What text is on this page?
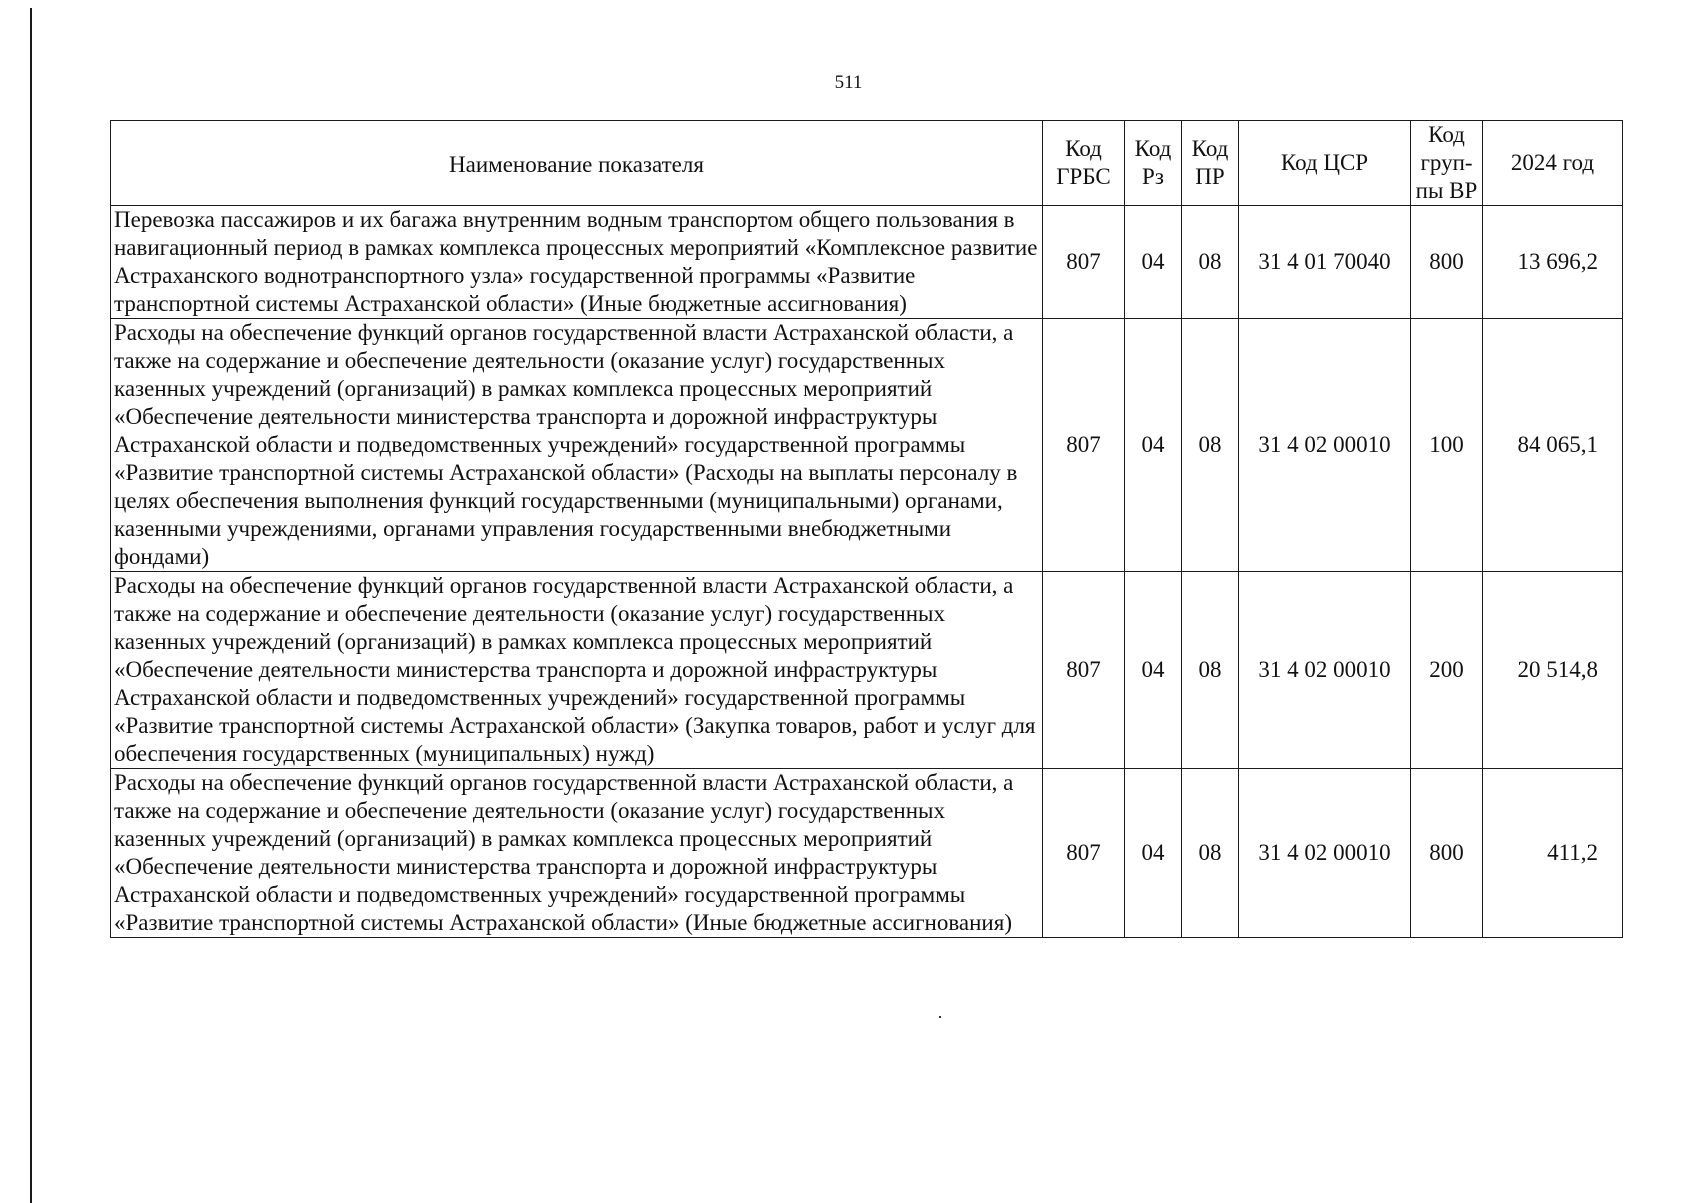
511
Наименование показателя	Код ГРБС	Код Рз	Код ПР	Код ЦСР	Код груп-пы ВР	2024 год
Перевозка пассажиров и их багажа внутренним водным транспортом общего пользования в навигационный период в рамках комплекса процессных мероприятий «Комплексное развитие Астраханского воднотранспортного узла» государственной программы «Развитие транспортной системы Астраханской области» (Иные бюджетные ассигнования)	807	04	08	31 4 01 70040	800	13 696,2
Расходы на обеспечение функций органов государственной власти Астраханской области, а также на содержание и обеспечение деятельности (оказание услуг) государственных казенных учреждений (организаций) в рамках комплекса процессных мероприятий «Обеспечение деятельности министерства транспорта и дорожной инфраструктуры Астраханской области и подведомственных учреждений» государственной программы «Развитие транспортной системы Астраханской области» (Расходы на выплаты персоналу в целях обеспечения выполнения функций государственными (муниципальными) органами, казенными учреждениями, органами управления государственными внебюджетными фондами)	807	04	08	31 4 02 00010	100	84 065,1
Расходы на обеспечение функций органов государственной власти Астраханской области, а также на содержание и обеспечение деятельности (оказание услуг) государственных казенных учреждений (организаций) в рамках комплекса процессных мероприятий «Обеспечение деятельности министерства транспорта и дорожной инфраструктуры Астраханской области и подведомственных учреждений» государственной программы «Развитие транспортной системы Астраханской области» (Закупка товаров, работ и услуг для обеспечения государственных (муниципальных) нужд)	807	04	08	31 4 02 00010	200	20 514,8
Расходы на обеспечение функций органов государственной власти Астраханской области, а также на содержание и обеспечение деятельности (оказание услуг) государственных казенных учреждений (организаций) в рамках комплекса процессных мероприятий «Обеспечение деятельности министерства транспорта и дорожной инфраструктуры Астраханской области и подведомственных учреждений» государственной программы «Развитие транспортной системы Астраханской области» (Иные бюджетные ассигнования)	807	04	08	31 4 02 00010	800	411,2
